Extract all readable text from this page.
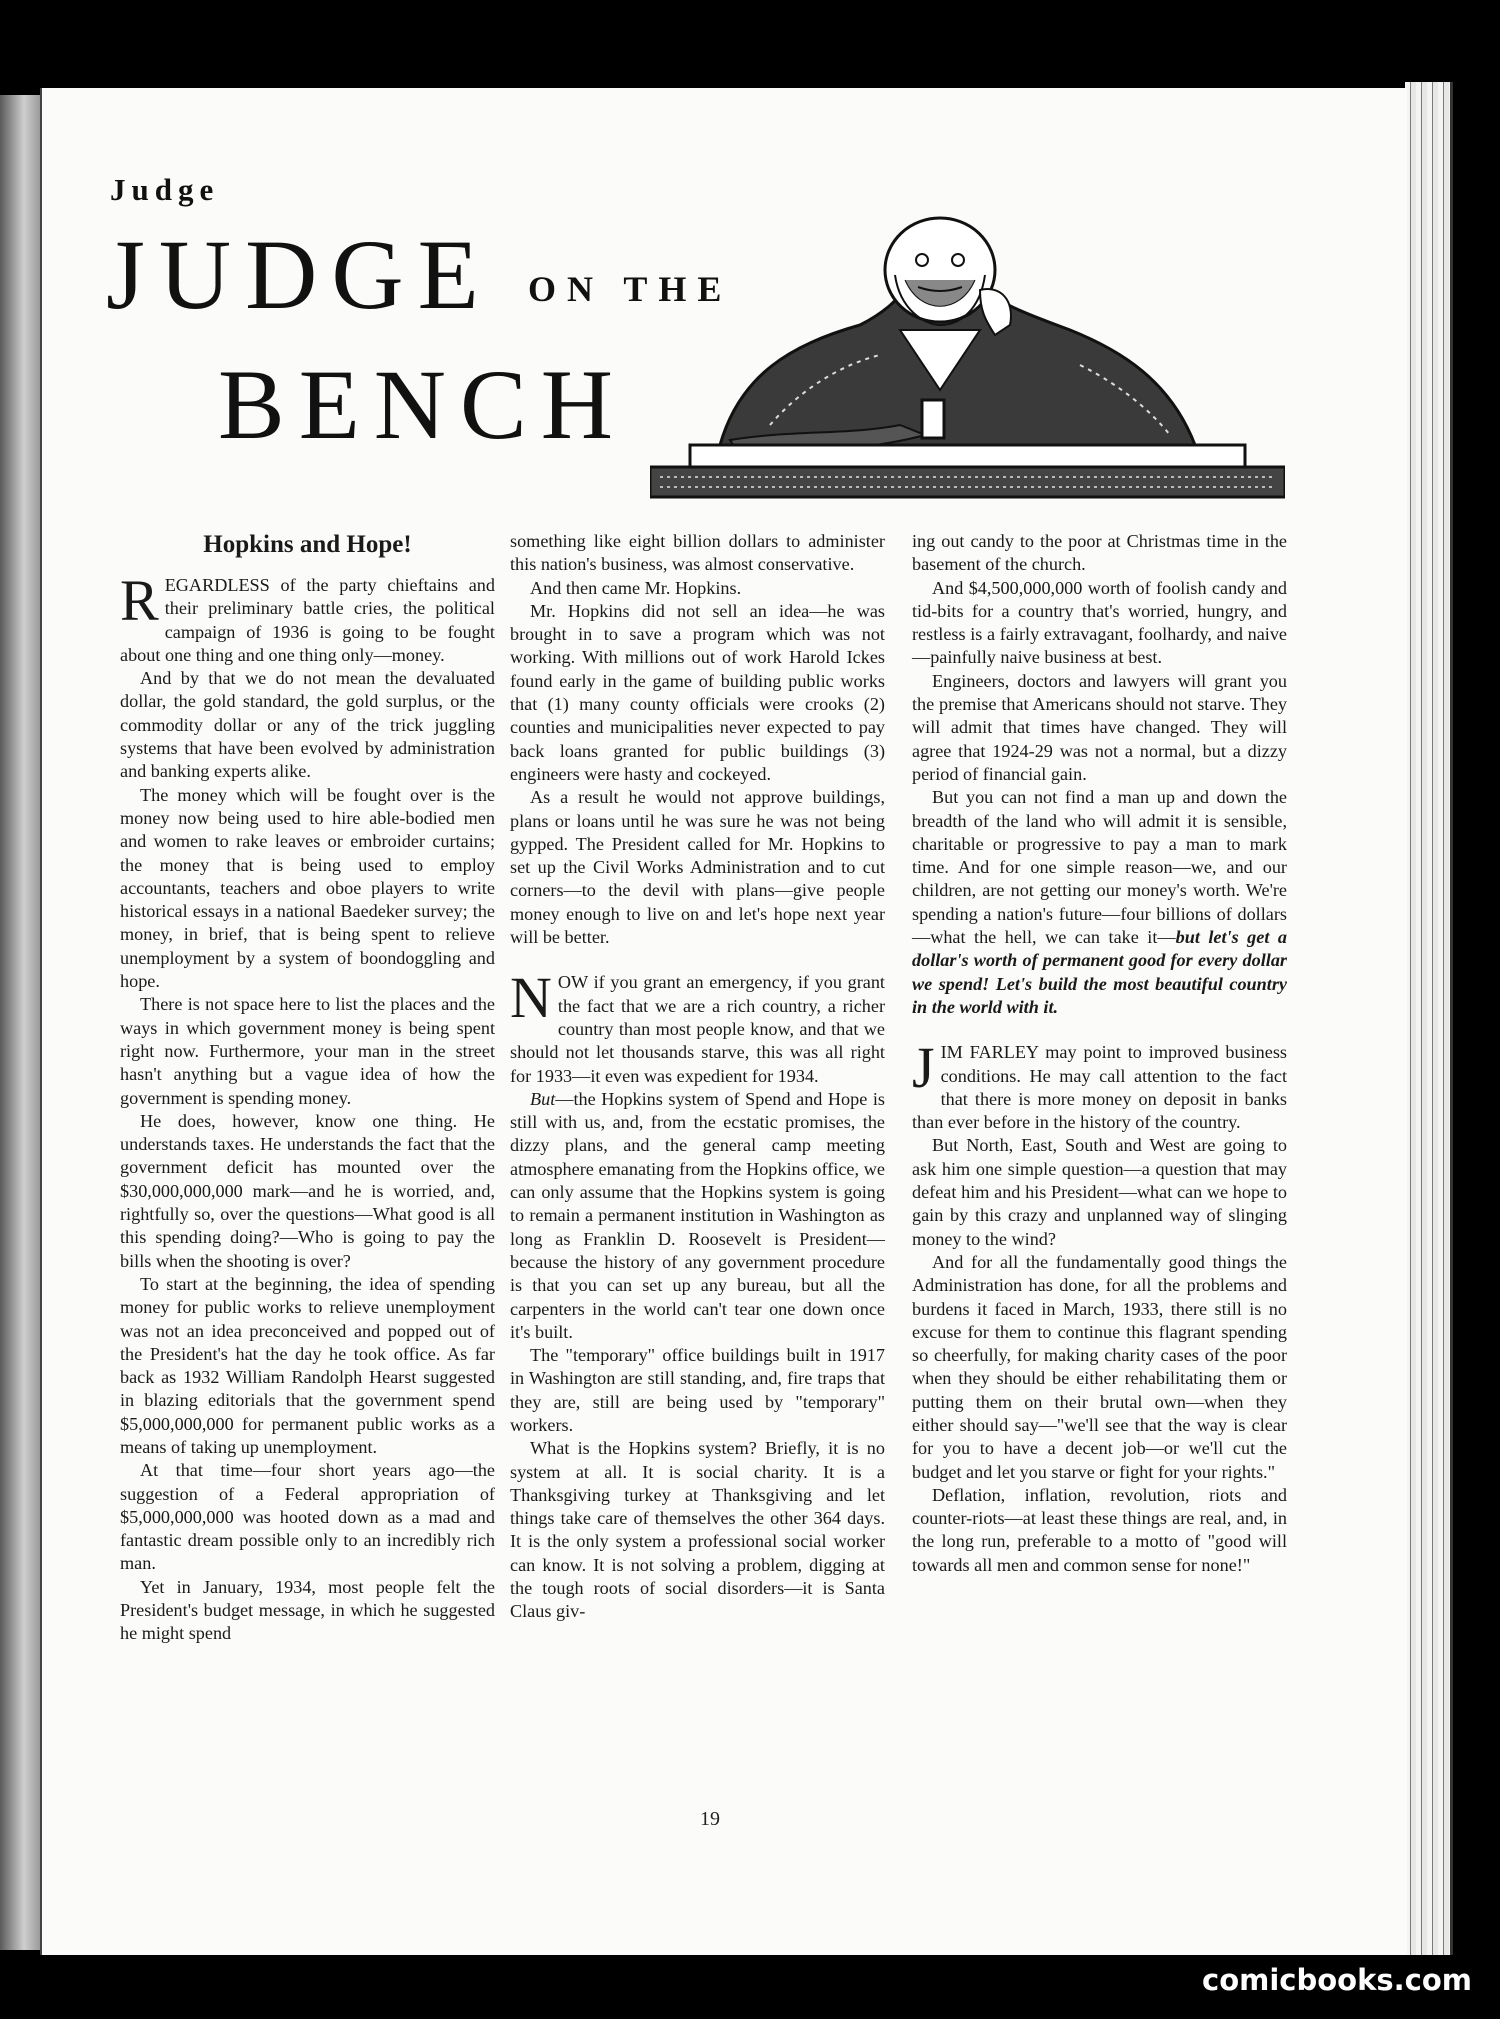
Judge
JUDGE ON THE
BENCH
Hopkins and Hope!

REGARDLESS of the party chieftains and their preliminary battle cries, the political campaign of 1936 is going to be fought about one thing and one thing only—money.

And by that we do not mean the devaluated dollar, the gold standard, the gold surplus, or the commodity dollar or any of the trick juggling systems that have been evolved by administration and banking experts alike.

The money which will be fought over is the money now being used to hire able-bodied men and women to rake leaves or embroider curtains; the money that is being used to employ accountants, teachers and oboe players to write historical essays in a national Baedeker survey; the money, in brief, that is being spent to relieve unemployment by a system of boondoggling and hope.

There is not space here to list the places and the ways in which government money is being spent right now. Furthermore, your man in the street hasn't anything but a vague idea of how the government is spending money.

He does, however, know one thing. He understands taxes. He understands the fact that the government deficit has mounted over the $30,000,000,000 mark—and he is worried, and, rightfully so, over the questions—What good is all this spending doing?—Who is going to pay the bills when the shooting is over?

To start at the beginning, the idea of spending money for public works to relieve unemployment was not an idea preconceived and popped out of the President's hat the day he took office. As far back as 1932 William Randolph Hearst suggested in blazing editorials that the government spend $5,000,000,000 for permanent public works as a means of taking up unemployment.

At that time—four short years ago—the suggestion of a Federal appropriation of $5,000,000,000 was hooted down as a mad and fantastic dream possible only to an incredibly rich man.

Yet in January, 1934, most people felt the President's budget message, in which he suggested he might spend

something like eight billion dollars to administer this nation's business, was almost conservative.

And then came Mr. Hopkins.

Mr. Hopkins did not sell an idea—he was brought in to save a program which was not working. With millions out of work Harold Ickes found early in the game of building public works that (1) many county officials were crooks (2) counties and municipalities never expected to pay back loans granted for public buildings (3) engineers were hasty and cockeyed.

As a result he would not approve buildings, plans or loans until he was sure he was not being gypped. The President called for Mr. Hopkins to set up the Civil Works Administration and to cut corners—to the devil with plans—give people money enough to live on and let's hope next year will be better.

NOW if you grant an emergency, if you grant the fact that we are a rich country, a richer country than most people know, and that we should not let thousands starve, this was all right for 1933—it even was expedient for 1934.

But—the Hopkins system of Spend and Hope is still with us, and, from the ecstatic promises, the dizzy plans, and the general camp meeting atmosphere emanating from the Hopkins office, we can only assume that the Hopkins system is going to remain a permanent institution in Washington as long as Franklin D. Roosevelt is President—because the history of any government procedure is that you can set up any bureau, but all the carpenters in the world can't tear one down once it's built.

The "temporary" office buildings built in 1917 in Washington are still standing, and, fire traps that they are, still are being used by "temporary" workers.

What is the Hopkins system? Briefly, it is no system at all. It is social charity. It is a Thanksgiving turkey at Thanksgiving and let things take care of themselves the other 364 days. It is the only system a professional social worker can know. It is not solving a problem, digging at the tough roots of social disorders—it is Santa Claus giv-

ing out candy to the poor at Christmas time in the basement of the church.

And $4,500,000,000 worth of foolish candy and tid-bits for a country that's worried, hungry, and restless is a fairly extravagant, foolhardy, and naive—painfully naive business at best.

Engineers, doctors and lawyers will grant you the premise that Americans should not starve. They will admit that times have changed. They will agree that 1924-29 was not a normal, but a dizzy period of financial gain.

But you can not find a man up and down the breadth of the land who will admit it is sensible, charitable or progressive to pay a man to mark time. And for one simple reason—we, and our children, are not getting our money's worth. We're spending a nation's future—four billions of dollars—what the hell, we can take it—but let's get a dollar's worth of permanent good for every dollar we spend! Let's build the most beautiful country in the world with it.

JIM FARLEY may point to improved business conditions. He may call attention to the fact that there is more money on deposit in banks than ever before in the history of the country.

But North, East, South and West are going to ask him one simple question—a question that may defeat him and his President—what can we hope to gain by this crazy and unplanned way of slinging money to the wind?

And for all the fundamentally good things the Administration has done, for all the problems and burdens it faced in March, 1933, there still is no excuse for them to continue this flagrant spending so cheerfully, for making charity cases of the poor when they should be either rehabilitating them or putting them on their brutal own—when they either should say—"we'll see that the way is clear for you to have a decent job—or we'll cut the budget and let you starve or fight for your rights."

Deflation, inflation, revolution, riots and counter-riots—at least these things are real, and, in the long run, preferable to a motto of "good will towards all men and common sense for none!"

19
comicbooks.com
